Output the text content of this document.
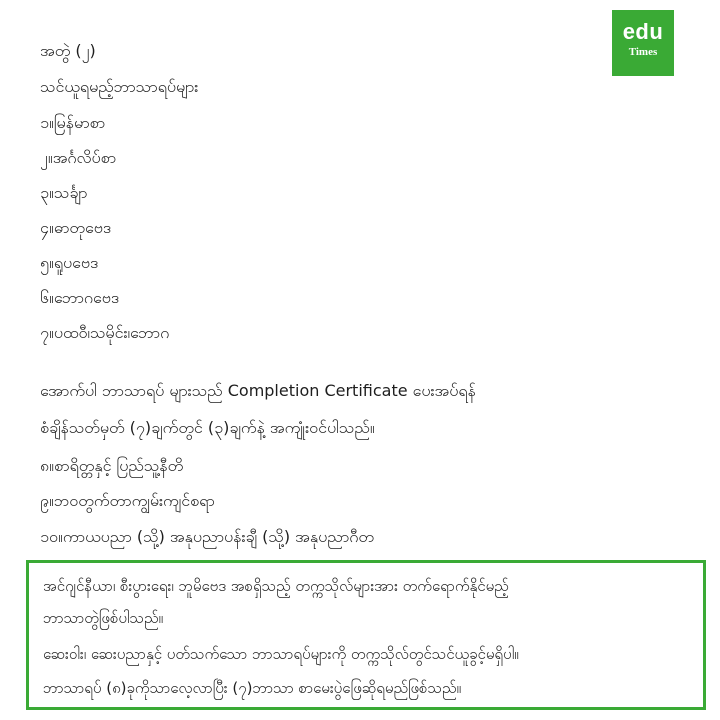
edu
Times
အတွဲ (၂)
သင်ယူရမည့်ဘာသာရပ်များ
၁။မြန်မာစာ
၂။အင်္ဂလိပ်စာ
၃။သင်္ချာ
၄။ဓာတုဗေဒ
၅။ရူပဗေဒ
၆။ဘောဂဗေဒ
၇။ပထဝီ၊သမိုင်း၊ဘောဂ
အောက်ပါ ဘာသာရပ် များသည် Completion Certificate ပေးအပ်ရန်
စံချိန်သတ်မှတ် (၇)ချက်တွင် (၃)ချက်နဲ့ အကျုံးဝင်ပါသည်။
၈။စာရိတ္တနှင့် ပြည်သူ့နီတိ
၉။ဘဝတွက်တာကျွမ်းကျင်စရာ
၁၀။ကာယပညာ (သို့) အနုပညာပန်းချီ (သို့) အနုပညာဂီတ
အင်ဂျင်နီယာ၊ စီးပွားရေး၊ ဘူမိဗေဒ အစရှိသည့် တက္ကသိုလ်များအား တက်ရောက်နိုင်မည့်
ဘာသာတွဲဖြစ်ပါသည်။
ဆေး၀ါး၊ ဆေးပညာနှင့် ပတ်သက်သော ဘာသာရပ်များကို တက္ကသိုလ်တွင်သင်ယူခွင့်မရှိပါ။
ဘာသာရပ် (၈)ခုကိုသာလေ့လာပြီး (၇)ဘာသာ စာမေးပွဲဖြေဆိုရမည်ဖြစ်သည်။
